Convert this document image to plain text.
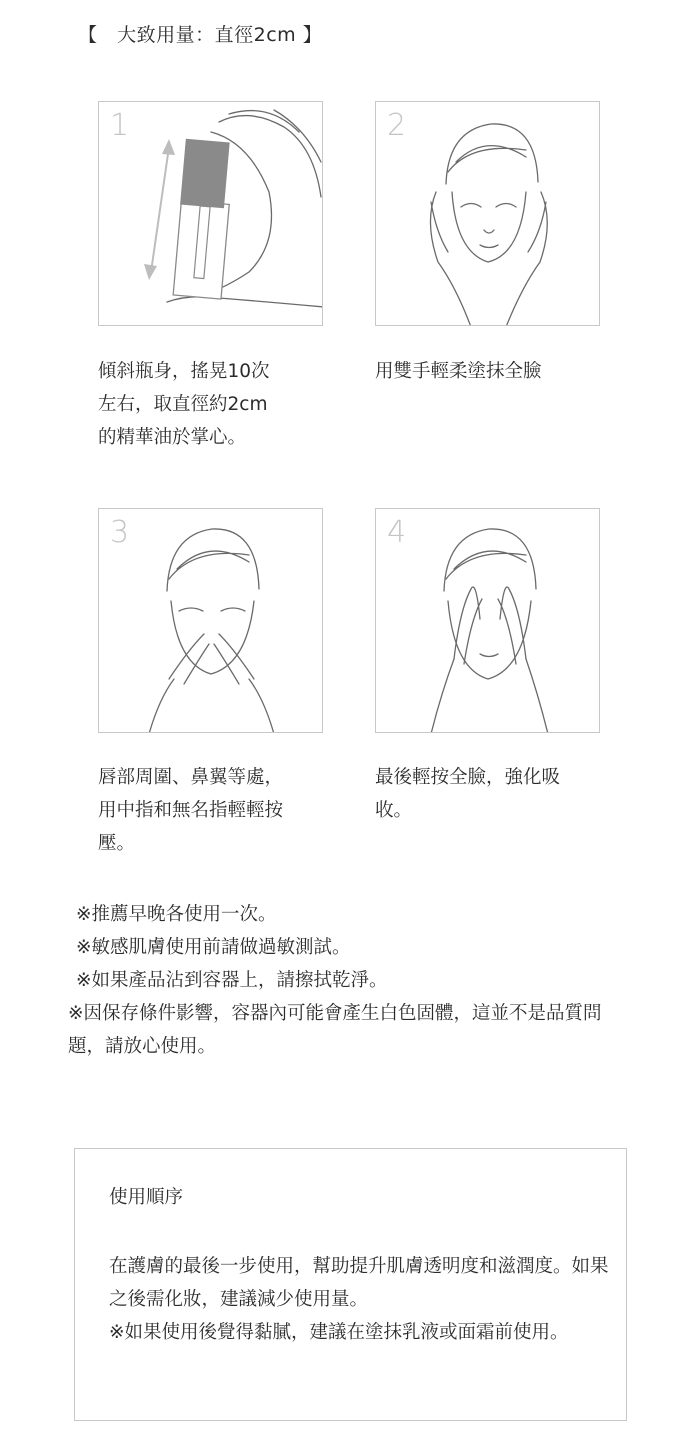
【   大致用量：直徑2cm 】
1	2
傾斜瓶身，搖晃10次
左右，取直徑約2cm
的精華油於掌心。
用雙手輕柔塗抹全臉
3	4
唇部周圍、鼻翼等處，
用中指和無名指輕輕按
壓。
最後輕按全臉，強化吸
收。
※推薦早晚各使用一次。
※敏感肌膚使用前請做過敏測試。
※如果產品沾到容器上，請擦拭乾淨。
※因保存條件影響，容器內可能會產生白色固體，這並不是品質問題，請放心使用。
使用順序
在護膚的最後一步使用，幫助提升肌膚透明度和滋潤度。如果之後需化妝，建議減少使用量。
※如果使用後覺得黏膩，建議在塗抹乳液或面霜前使用。
